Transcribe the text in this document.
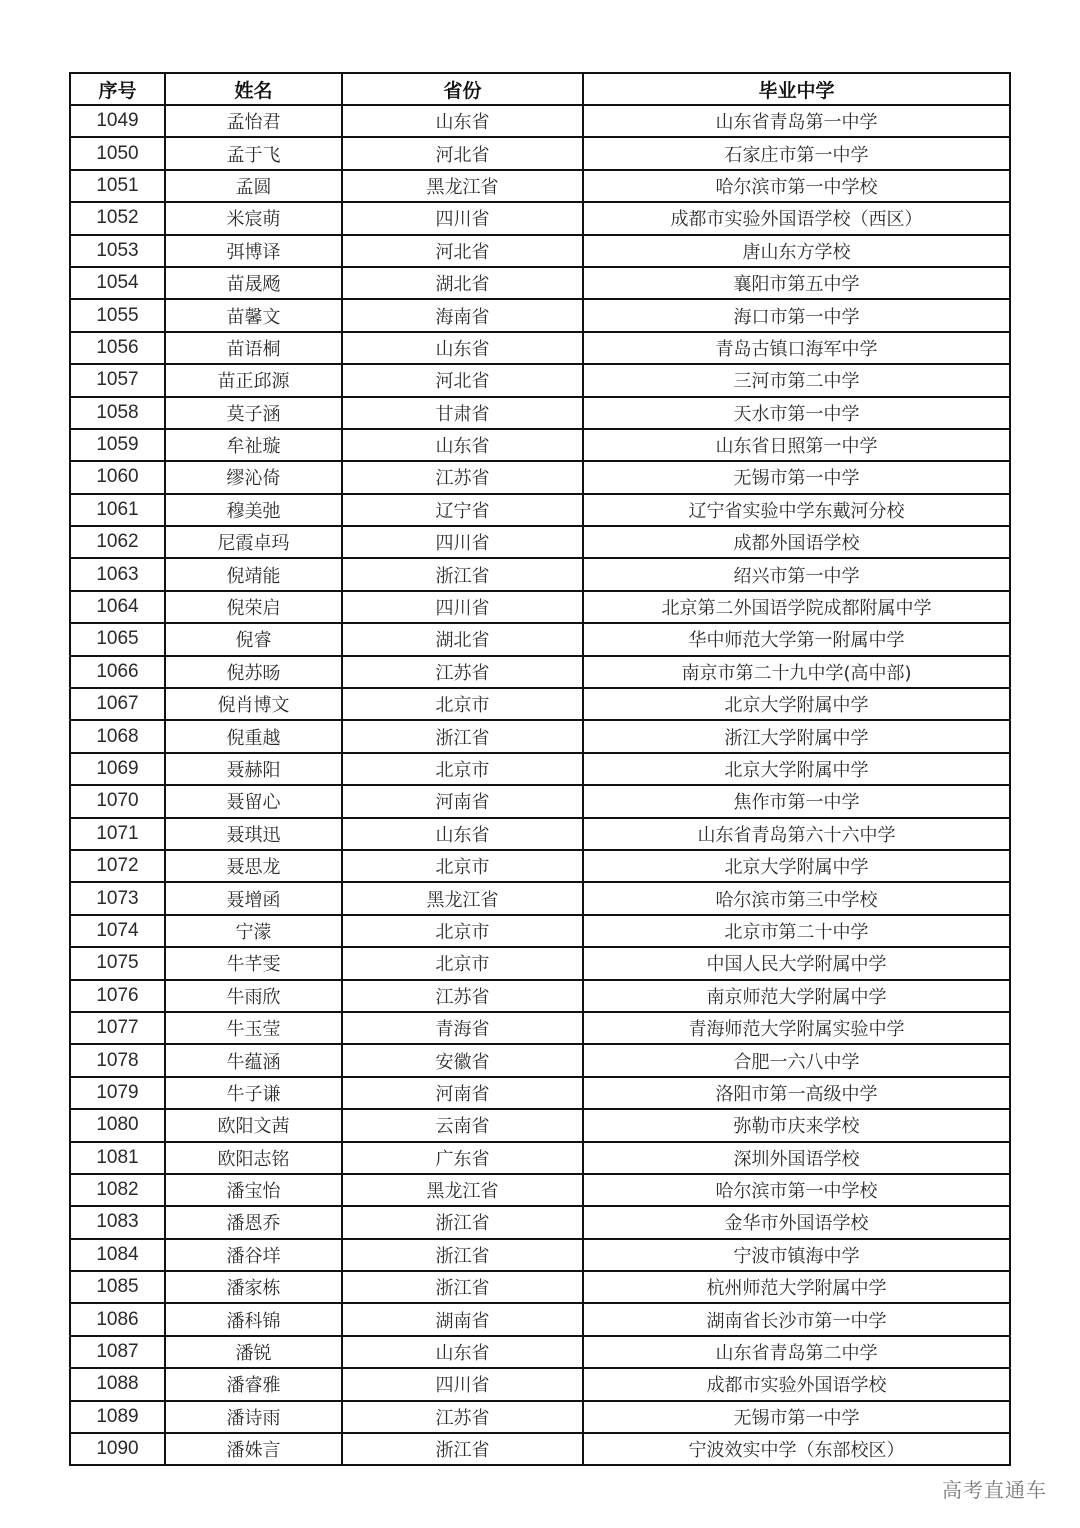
序号	姓名	省份	毕业中学
1049	孟怡君	山东省	山东省青岛第一中学
1050	孟于飞	河北省	石家庄市第一中学
1051	孟圆	黑龙江省	哈尔滨市第一中学校
1052	米宸萌	四川省	成都市实验外国语学校（西区）
1053	弭博译	河北省	唐山东方学校
1054	苗晟飏	湖北省	襄阳市第五中学
1055	苗馨文	海南省	海口市第一中学
1056	苗语桐	山东省	青岛古镇口海军中学
1057	苗正邱源	河北省	三河市第二中学
1058	莫子涵	甘肃省	天水市第一中学
1059	牟祉璇	山东省	山东省日照第一中学
1060	缪沁倚	江苏省	无锡市第一中学
1061	穆美弛	辽宁省	辽宁省实验中学东戴河分校
1062	尼霞卓玛	四川省	成都外国语学校
1063	倪靖能	浙江省	绍兴市第一中学
1064	倪荣启	四川省	北京第二外国语学院成都附属中学
1065	倪睿	湖北省	华中师范大学第一附属中学
1066	倪苏旸	江苏省	南京市第二十九中学(高中部)
1067	倪肖博文	北京市	北京大学附属中学
1068	倪重越	浙江省	浙江大学附属中学
1069	聂赫阳	北京市	北京大学附属中学
1070	聂留心	河南省	焦作市第一中学
1071	聂琪迅	山东省	山东省青岛第六十六中学
1072	聂思龙	北京市	北京大学附属中学
1073	聂增函	黑龙江省	哈尔滨市第三中学校
1074	宁濛	北京市	北京市第二十中学
1075	牛芊雯	北京市	中国人民大学附属中学
1076	牛雨欣	江苏省	南京师范大学附属中学
1077	牛玉莹	青海省	青海师范大学附属实验中学
1078	牛蕴涵	安徽省	合肥一六八中学
1079	牛子谦	河南省	洛阳市第一高级中学
1080	欧阳文茜	云南省	弥勒市庆来学校
1081	欧阳志铭	广东省	深圳外国语学校
1082	潘宝怡	黑龙江省	哈尔滨市第一中学校
1083	潘恩乔	浙江省	金华市外国语学校
1084	潘谷垟	浙江省	宁波市镇海中学
1085	潘家栋	浙江省	杭州师范大学附属中学
1086	潘科锦	湖南省	湖南省长沙市第一中学
1087	潘锐	山东省	山东省青岛第二中学
1088	潘睿雅	四川省	成都市实验外国语学校
1089	潘诗雨	江苏省	无锡市第一中学
1090	潘姝言	浙江省	宁波效实中学（东部校区）
高考直通车
